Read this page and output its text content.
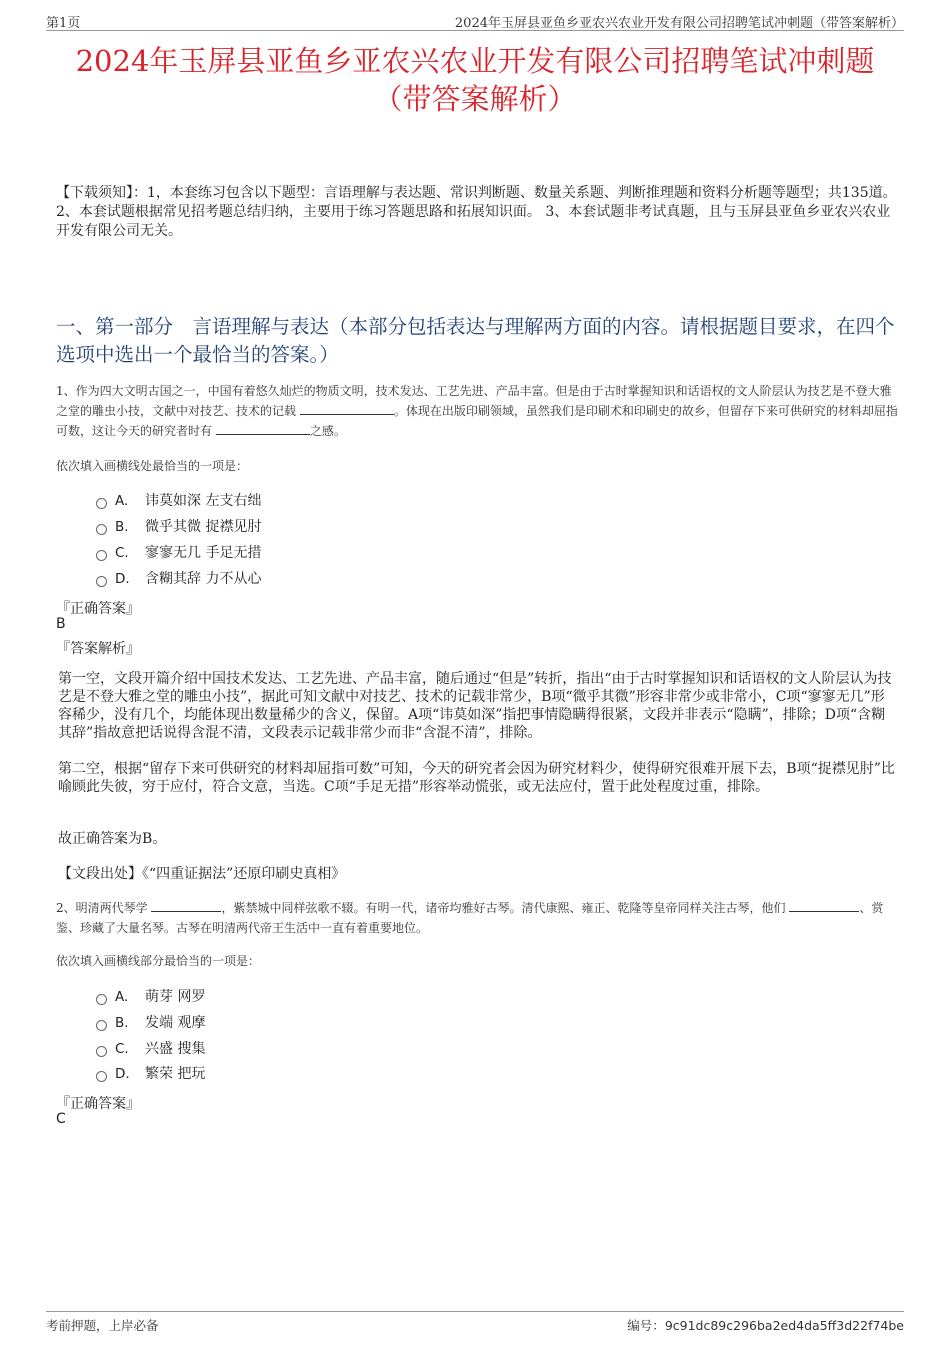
第1页	2024年玉屏县亚鱼乡亚农兴农业开发有限公司招聘笔试冲刺题（带答案解析）
2024年玉屏县亚鱼乡亚农兴农业开发有限公司招聘笔试冲刺题
（带答案解析）
【下载须知】：1，本套练习包含以下题型：言语理解与表达题、常识判断题、数量关系题、判断推理题和资料分析题等题型；共135道。 2、本套试题根据常见招考题总结归纳，主要用于练习答题思路和拓展知识面。 3、本套试题非考试真题，且与玉屏县亚鱼乡亚农兴农业开发有限公司无关。
一、第一部分　言语理解与表达（本部分包括表达与理解两方面的内容。请根据题目要求，在四个选项中选出一个最恰当的答案。）
1、作为四大文明古国之一，中国有着悠久灿烂的物质文明，技术发达、工艺先进、产品丰富。但是由于古时掌握知识和话语权的文人阶层认为技艺是不登大雅之堂的雕虫小技，文献中对技艺、技术的记载	。体现在出版印刷领域，虽然我们是印刷术和印刷史的故乡，但留存下来可供研究的材料却屈指可数，这让今天的研究者时有	之感。
依次填入画横线处最恰当的一项是：
A. 讳莫如深 左支右绌
B. 微乎其微 捉襟见肘
C. 寥寥无几 手足无措
D. 含糊其辞 力不从心
『正确答案』
B
『答案解析』
第一空，文段开篇介绍中国技术发达、工艺先进、产品丰富，随后通过“但是”转折，指出“由于古时掌握知识和话语权的文人阶层认为技艺是不登大雅之堂的雕虫小技”，据此可知文献中对技艺、技术的记载非常少，B项“微乎其微”形容非常少或非常小，C项“寥寥无几”形容稀少，没有几个，均能体现出数量稀少的含义，保留。A项“讳莫如深”指把事情隐瞒得很紧，文段并非表示“隐瞒”，排除；D项“含糊其辞”指故意把话说得含混不清，文段表示记载非常少而非“含混不清”，排除。
第二空，根据“留存下来可供研究的材料却屈指可数”可知，今天的研究者会因为研究材料少，使得研究很难开展下去，B项“捉襟见肘”比喻顾此失彼，穷于应付，符合文意，当选。C项“手足无措”形容举动慌张，或无法应付，置于此处程度过重，排除。
故正确答案为B。
【文段出处】《“四重证据法”还原印刷史真相》
2、明清两代琴学	，紫禁城中同样弦歌不辍。有明一代，诸帝均雅好古琴。清代康熙、雍正、乾隆等皇帝同样关注古琴，他们	、赏鉴、珍藏了大量名琴。古琴在明清两代帝王生活中一直有着重要地位。
依次填入画横线部分最恰当的一项是：
A. 萌芽 网罗
B. 发端 观摩
C. 兴盛 搜集
D. 繁荣 把玩
『正确答案』
C
考前押题，上岸必备	编号：9c91dc89c296ba2ed4da5ff3d22f74be
